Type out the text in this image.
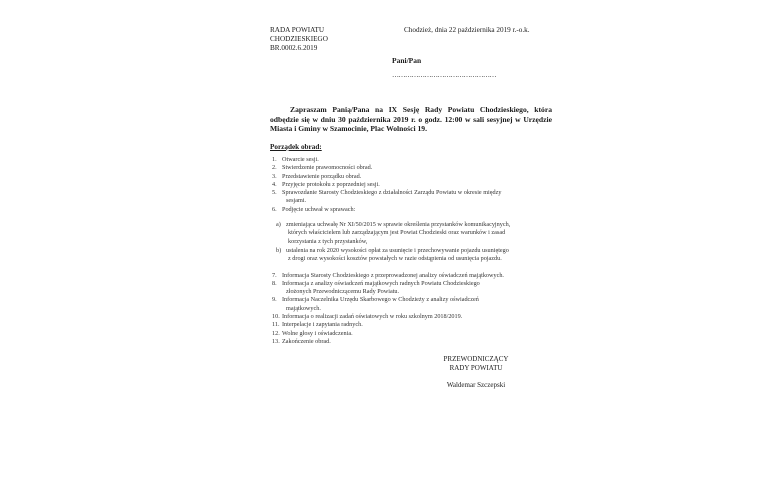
RADA POWIATU
CHODZIESKIEGO
BR.0002.6.2019
Chodzież, dnia 22 października 2019 r.-o.k.
Pani/Pan
…………………………………………
Zapraszam Panią/Pana na IX Sesję Rady Powiatu Chodzieskiego, która odbędzie się w dniu 30 października 2019 r. o godz. 12:00 w sali sesyjnej w Urzędzie Miasta i Gminy w Szamocinie, Plac Wolności 19.
Porządek obrad:
1. Otwarcie sesji.
2. Stwierdzenie prawomocności obrad.
3. Przedstawienie porządku obrad.
4. Przyjęcie protokołu z poprzedniej sesji.
5. Sprawozdanie Starosty Chodzieskiego z działalności Zarządu Powiatu w okresie między
sesjami.
6. Podjęcie uchwał w sprawach:
a) zmieniająca uchwałę Nr XI/50/2015 w sprawie określenia przystanków komunikacyjnych,
których właścicielem lub zarządzającym jest Powiat Chodzieski oraz warunków i zasad
korzystania z tych przystanków,
b) ustalenia na rok 2020 wysokości opłat za usunięcie i przechowywanie pojazdu usuniętego
z drogi oraz wysokości kosztów powstałych w razie odstąpienia od usunięcia pojazdu.
7. Informacja Starosty Chodzieskiego z przeprowadzonej analizy oświadczeń majątkowych.
8. Informacja z analizy oświadczeń majątkowych radnych Powiatu Chodzieskiego
złożonych Przewodniczącemu Rady Powiatu.
9. Informacja Naczelnika Urzędu Skarbowego w Chodzieży z analizy oświadczeń
majątkowych.
10. Informacja o realizacji zadań oświatowych w roku szkolnym 2018/2019.
11. Interpelacje i zapytania radnych.
12. Wolne głosy i oświadczenia.
13. Zakończenie obrad.
PRZEWODNICZĄCY
RADY POWIATU
Waldemar Szczepski
